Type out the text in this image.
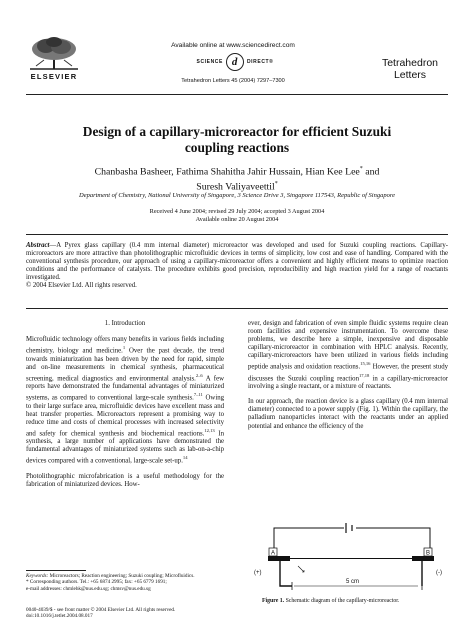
ELSEVIER
Available online at www.sciencedirect.com
SCIENCE d	DIRECT®
Tetrahedron Letters 45 (2004) 7297–7300
Tetrahedron
Letters
Design of a capillary-microreactor for efficient Suzuki
coupling reactions
Chanbasha Basheer, Fathima Shahitha Jahir Hussain, Hian Kee Lee* and
Suresh Valiyaveettil*
Department of Chemistry, National University of Singapore, 3 Science Drive 3, Singapore 117543, Republic of Singapore
Received 4 June 2004; revised 29 July 2004; accepted 3 August 2004
Available online 20 August 2004
Abstract—A Pyrex glass capillary (0.4 mm internal diameter) microreactor was developed and used for Suzuki coupling reactions. Capillary-microreactors are more attractive than photolithographic microfluidic devices in terms of simplicity, low cost and ease of handling. Compared with the conventional synthesis procedure, our approach of using a capillary-microreactor offers a convenient and highly efficient means to optimize reaction conditions and the performance of catalysts. The procedure exhibits good precision, reproducibility and high reaction yield for a range of reactants investigated.
© 2004 Elsevier Ltd. All rights reserved.
1. Introduction

Microfluidic technology offers many benefits in various fields including chemistry, biology and medicine.$^1$ Over the past decade, the trend towards miniaturization has been driven by the need for rapid, simple and on-line measurements in chemical synthesis, pharmaceutical screening, medical diagnostics and environmental analysis.$^{2-6}$ A few reports have demonstrated the fundamental advantages of miniaturized systems, as compared to conventional large-scale synthesis.$^{7-11}$ Owing to their large surface area, microfluidic devices have excellent mass and heat transfer properties. Microreactors represent a promising way to reduce time and costs of chemical processes with increased selectivity and safety for chemical synthesis and biochemical reactions.$^{12,13}$ In synthesis, a large number of applications have demonstrated the fundamental advantages of miniaturized systems such as lab-on-a-chip devices compared with a conventional, large-scale set-up.$^{14}$

Photolithographic microfabrication is a useful methodology for the fabrication of miniaturized devices. How-

Keywords: Microreactors; Reaction engineering; Suzuki coupling; Microfluidics.
* Corresponding authors. Tel.: +65 6874 2995; fax: +65 6779 1691;
e-mail addresses: chmlehk@nus.edu.sg; chmsv@nus.edu.sg
0040-4039/$ - see front matter © 2004 Elsevier Ltd. All rights reserved.
doi:10.1016/j.tetlet.2004.08.017

ever, design and fabrication of even simple fluidic systems require clean room facilities and expensive instrumentation. To overcome these problems, we describe here a simple, inexpensive and disposable capillary-microreactor in combination with HPLC analysis. Recently, capillary-microreactors have been utilized in various fields including peptide analysis and oxidation reactions.$^{15,16}$ However, the present study discusses the Suzuki coupling reaction$^{17,18}$ in a capillary-microreactor involving a single reactant, or a mixture of reactants.

In our approach, the reaction device is a glass capillary (0.4 mm internal diameter) connected to a power supply (Fig. 1). Within the capillary, the palladium nanoparticles interact with the reactants under an applied potential and enhance the efficiency of the

A	B
5 cm
(+)	(-)
Figure 1. Schematic diagram of the capillary-microreactor.
